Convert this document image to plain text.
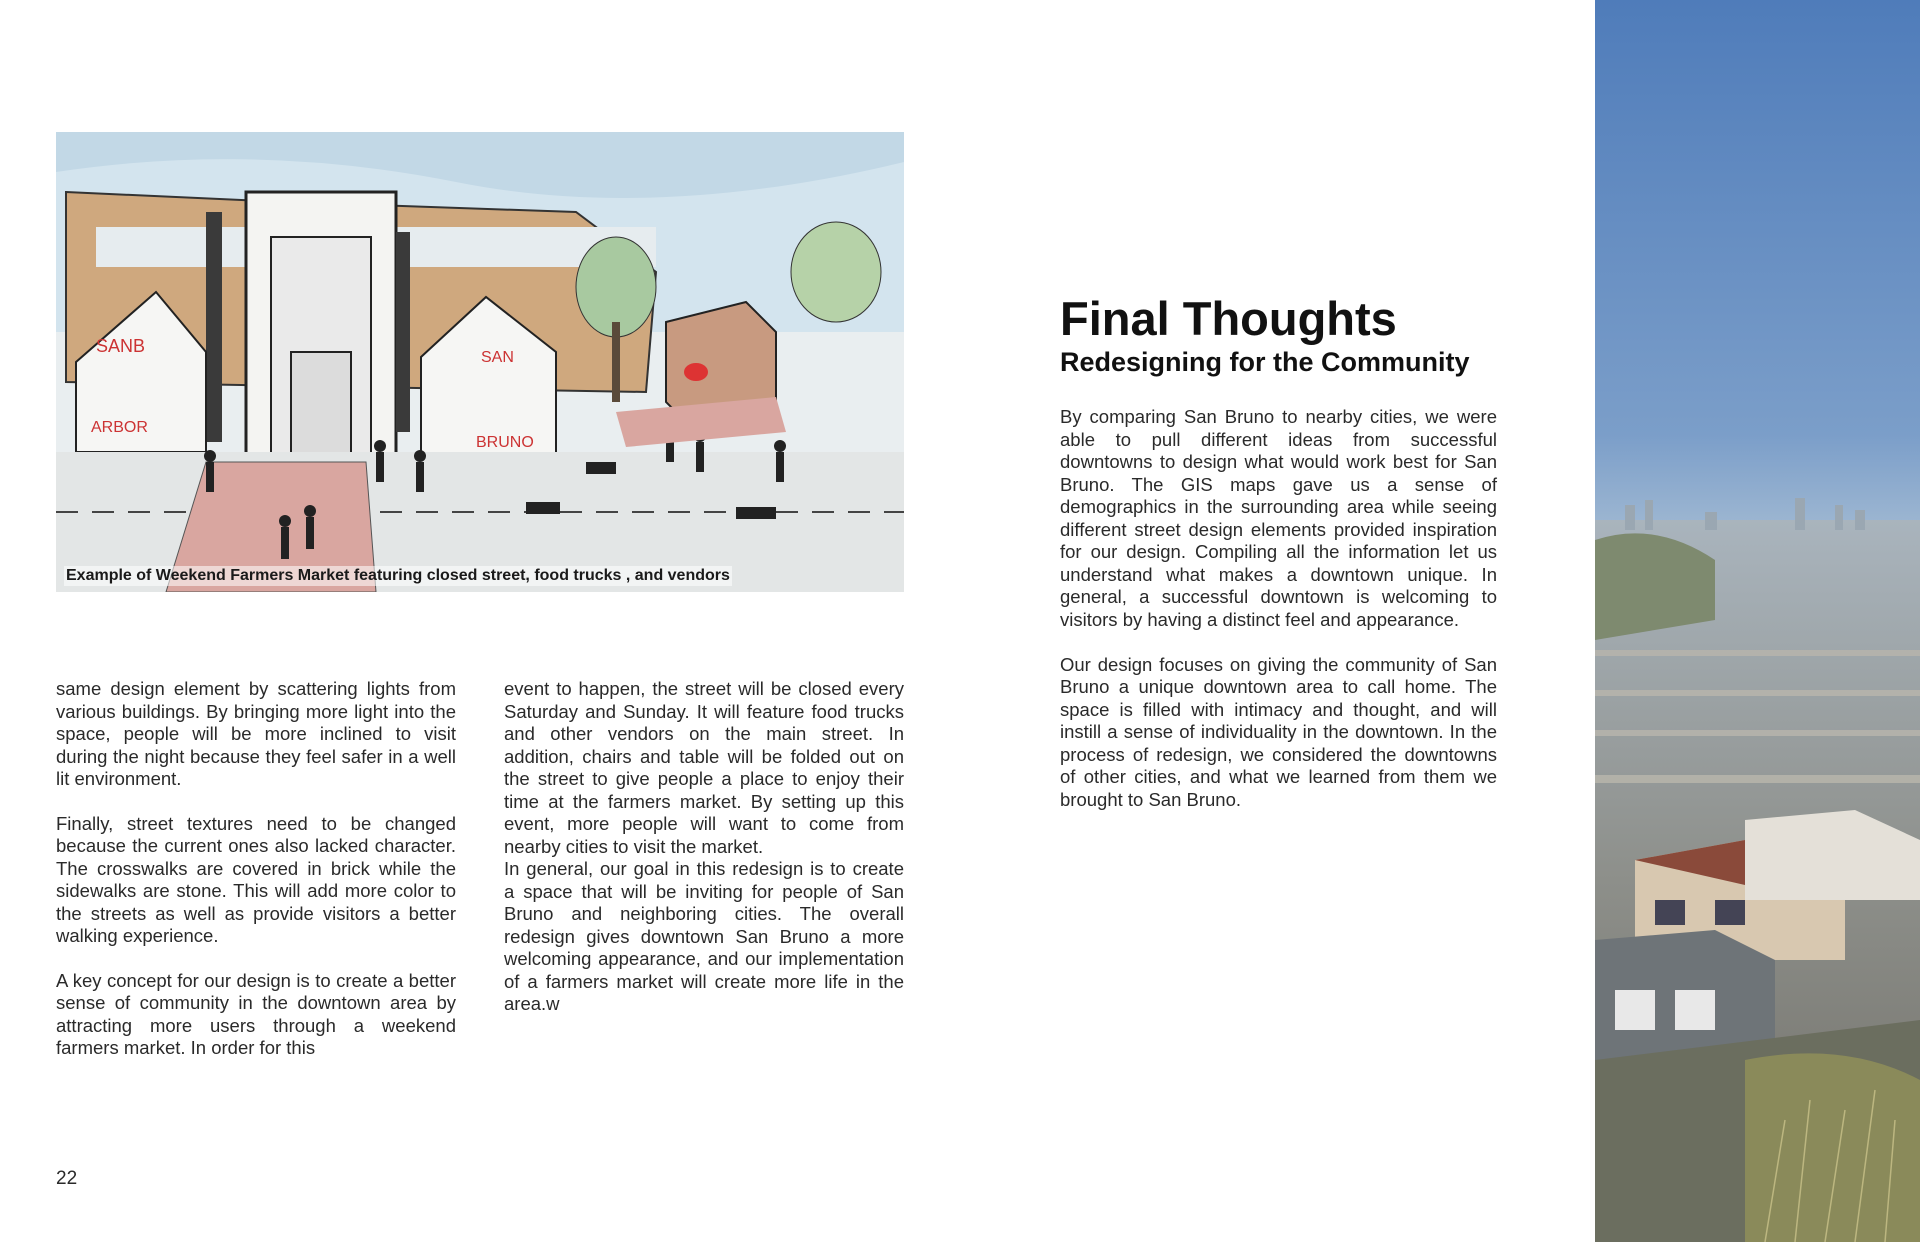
SANB
ARBOR
SAN
BRUNO
Example of Weekend Farmers Market featuring closed street, food trucks , and vendors

same design element by scattering lights from various buildings. By bringing more light into the space, people will be more inclined to visit during the night because they feel safer in a well lit environment.

Finally, street textures need to be changed because the current ones also lacked character. The crosswalks are covered in brick while the sidewalks are stone. This will add more color to the streets as well as provide visitors a better walking experience.

A key concept for our design is to create a better sense of community in the downtown area by attracting more users through a weekend farmers market. In order for this

event to happen, the street will be closed every Saturday and Sunday. It will feature food trucks and other vendors on the main street. In addition, chairs and table will be folded out on the street to give people a place to enjoy their time at the farmers market. By setting up this event, more people will want to come from nearby cities to visit the market.

In general, our goal in this redesign is to create a space that will be inviting for people of San Bruno and neighboring cities. The overall redesign gives downtown San Bruno a more welcoming appearance, and our implementation of a farmers market will create more life in the area.w

22
Final Thoughts
Redesigning for the Community

By comparing San Bruno to nearby cities, we were able to pull different ideas from successful downtowns to design what would work best for San Bruno. The GIS maps gave us a sense of demographics in the surrounding area while seeing different street design elements provided inspiration for our design. Compiling all the information let us understand what makes a downtown unique. In general, a successful downtown is welcoming to visitors by having a distinct feel and appearance.

Our design focuses on giving the community of San Bruno a unique downtown area to call home. The space is filled with intimacy and thought, and will instill a sense of individuality in the downtown. In the process of redesign, we considered the downtowns of other cities, and what we learned from them we brought to San Bruno.
